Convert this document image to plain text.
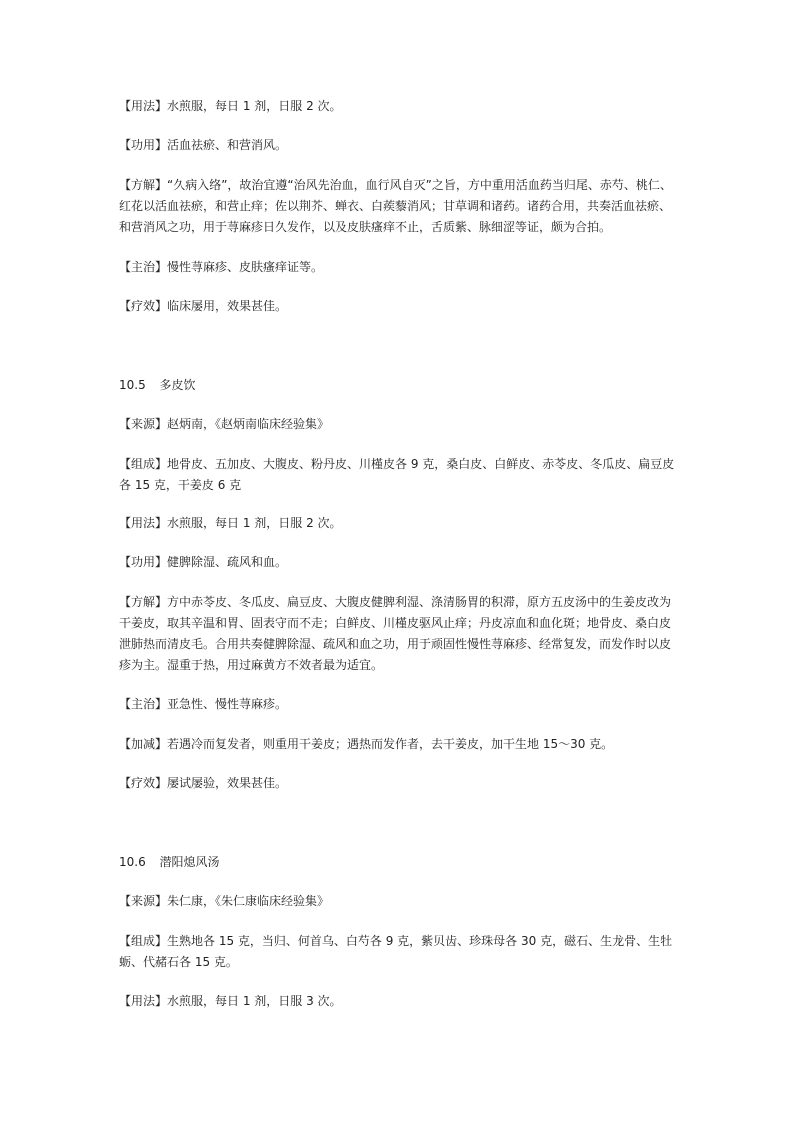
【用法】水煎服，每日 1 剂，日服 2 次。

【功用】活血祛瘀、和营消风。

【方解】“久病入络”，故治宜遵“治风先治血，血行风自灭”之旨，方中重用活血药当归尾、赤芍、桃仁、红花以活血祛瘀，和营止痒；佐以荆芥、蝉衣、白蒺藜消风；甘草调和诸药。诸药合用，共奏活血祛瘀、和营消风之功，用于荨麻疹日久发作，以及皮肤瘙痒不止，舌质紫、脉细涩等证，颇为合拍。

【主治】慢性荨麻疹、皮肤瘙痒证等。

【疗效】临床屡用，效果甚佳。

10.5 多皮饮

【来源】赵炳南，《赵炳南临床经验集》

【组成】地骨皮、五加皮、大腹皮、粉丹皮、川槿皮各 9 克，桑白皮、白鲜皮、赤苓皮、冬瓜皮、扁豆皮各 15 克，干姜皮 6 克

【用法】水煎服，每日 1 剂，日服 2 次。

【功用】健脾除湿、疏风和血。

【方解】方中赤苓皮、冬瓜皮、扁豆皮、大腹皮健脾利湿、涤清肠胃的积滞，原方五皮汤中的生姜皮改为干姜皮，取其辛温和胃、固表守而不走；白鲜皮、川槿皮驱风止痒；丹皮凉血和血化斑；地骨皮、桑白皮泄肺热而清皮毛。合用共奏健脾除湿、疏风和血之功，用于顽固性慢性荨麻疹、经常复发，而发作时以皮疹为主。湿重于热，用过麻黄方不效者最为适宜。

【主治】亚急性、慢性荨麻疹。

【加减】若遇冷而复发者，则重用干姜皮；遇热而发作者，去干姜皮，加干生地 15～30 克。

【疗效】屡试屡验，效果甚佳。

10.6 潜阳熄风汤

【来源】朱仁康，《朱仁康临床经验集》

【组成】生熟地各 15 克，当归、何首乌、白芍各 9 克，紫贝齿、珍珠母各 30 克，磁石、生龙骨、生牡蛎、代赭石各 15 克。

【用法】水煎服，每日 1 剂，日服 3 次。
